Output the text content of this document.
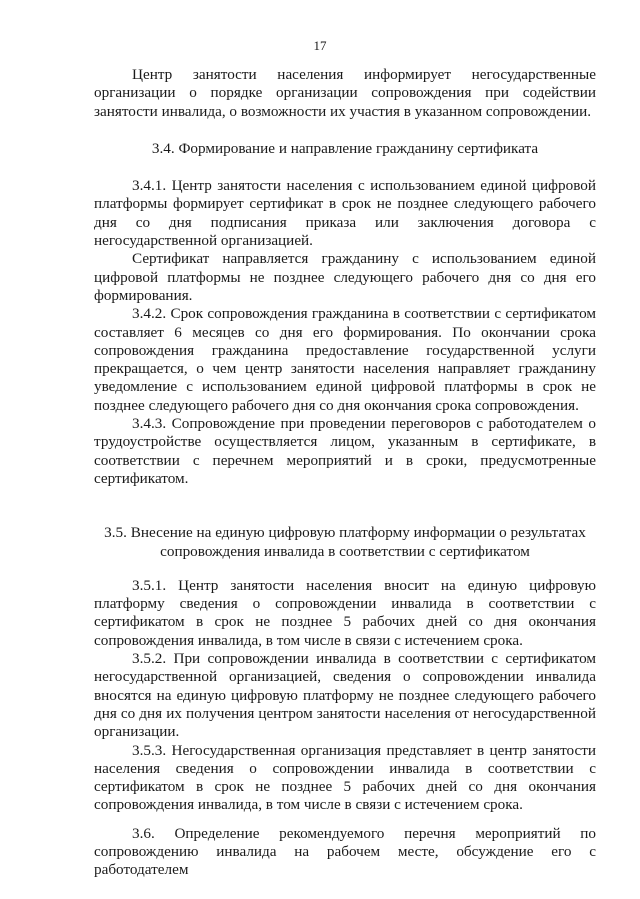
17

Центр занятости населения информирует негосударственные организации о порядке организации сопровождения при содействии занятости инвалида, о возможности их участия в указанном сопровождении.

3.4. Формирование и направление гражданину сертификата

3.4.1. Центр занятости населения с использованием единой цифровой платформы формирует сертификат в срок не позднее следующего рабочего дня со дня подписания приказа или заключения договора с негосударственной организацией.

Сертификат направляется гражданину с использованием единой цифровой платформы не позднее следующего рабочего дня со дня его формирования.

3.4.2. Срок сопровождения гражданина в соответствии с сертификатом составляет 6 месяцев со дня его формирования. По окончании срока сопровождения гражданина предоставление государственной услуги прекращается, о чем центр занятости населения направляет гражданину уведомление с использованием единой цифровой платформы в срок не позднее следующего рабочего дня со дня окончания срока сопровождения.

3.4.3. Сопровождение при проведении переговоров с работодателем о трудоустройстве осуществляется лицом, указанным в сертификате, в соответствии с перечнем мероприятий и в сроки, предусмотренные сертификатом.

3.5. Внесение на единую цифровую платформу информации о результатах

сопровождения инвалида в соответствии с сертификатом

3.5.1. Центр занятости населения вносит на единую цифровую платформу сведения о сопровождении инвалида в соответствии с сертификатом в срок не позднее 5 рабочих дней со дня окончания сопровождения инвалида, в том числе в связи с истечением срока.

3.5.2. При сопровождении инвалида в соответствии с сертификатом негосударственной организацией, сведения о сопровождении инвалида вносятся на единую цифровую платформу не позднее следующего рабочего дня со дня их получения центром занятости населения от негосударственной организации.

3.5.3. Негосударственная организация представляет в центр занятости населения сведения о сопровождении инвалида в соответствии с сертификатом в срок не позднее 5 рабочих дней со дня окончания сопровождения инвалида, в том числе в связи с истечением срока.

3.6. Определение рекомендуемого перечня мероприятий по сопровождению инвалида на рабочем месте, обсуждение его с работодателем
